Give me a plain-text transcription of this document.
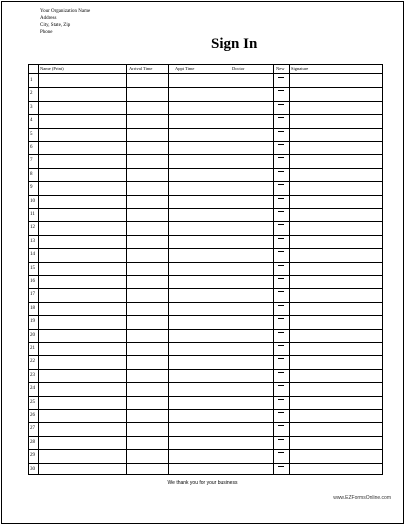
Your Organization Name
Address
City, State, Zip
Phone
Sign In
Name (Print)	Arrival Time	Appt Time	Doctor	New	Signature
1
2
3
4
5
6
7
8
9
10
11
12
13
14
15
16
17
18
19
20
21
22
23
24
25
26
27
28
29
30
We thank you for your business
www.EZFormsOnline.com
